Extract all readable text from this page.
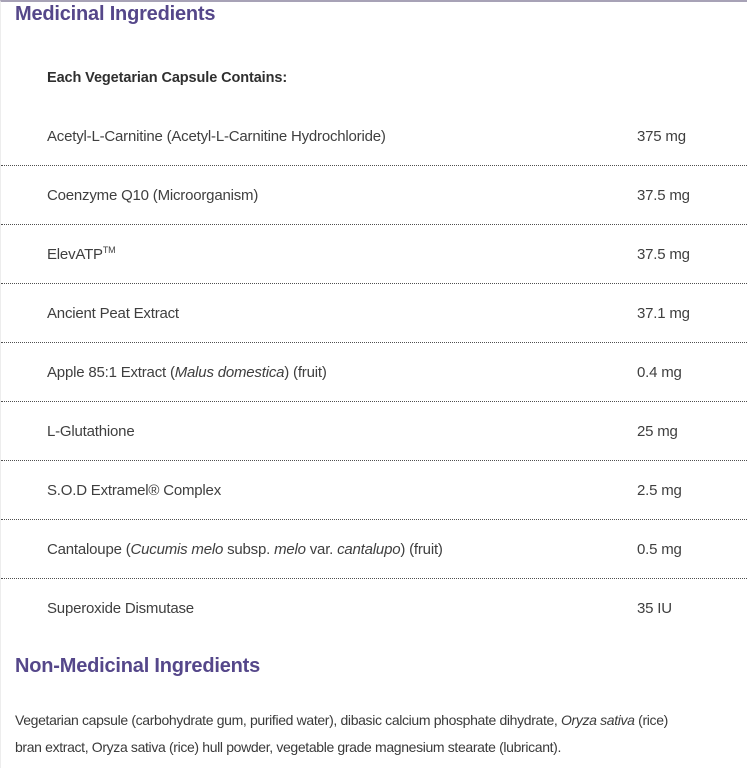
Medicinal Ingredients
Each Vegetarian Capsule Contains:
Acetyl-L-Carnitine (Acetyl-L-Carnitine Hydrochloride)	375 mg
Coenzyme Q10 (Microorganism)	37.5 mg
ElevATP™	37.5 mg
Ancient Peat Extract	37.1 mg
Apple 85:1 Extract (Malus domestica) (fruit)	0.4 mg
L-Glutathione	25 mg
S.O.D Extramel® Complex	2.5 mg
Cantaloupe (Cucumis melo subsp. melo var. cantalupo) (fruit)	0.5 mg
Superoxide Dismutase	35 IU
Non-Medicinal Ingredients

Vegetarian capsule (carbohydrate gum, purified water), dibasic calcium phosphate dihydrate, Oryza sativa (rice)
bran extract, Oryza sativa (rice) hull powder, vegetable grade magnesium stearate (lubricant).
